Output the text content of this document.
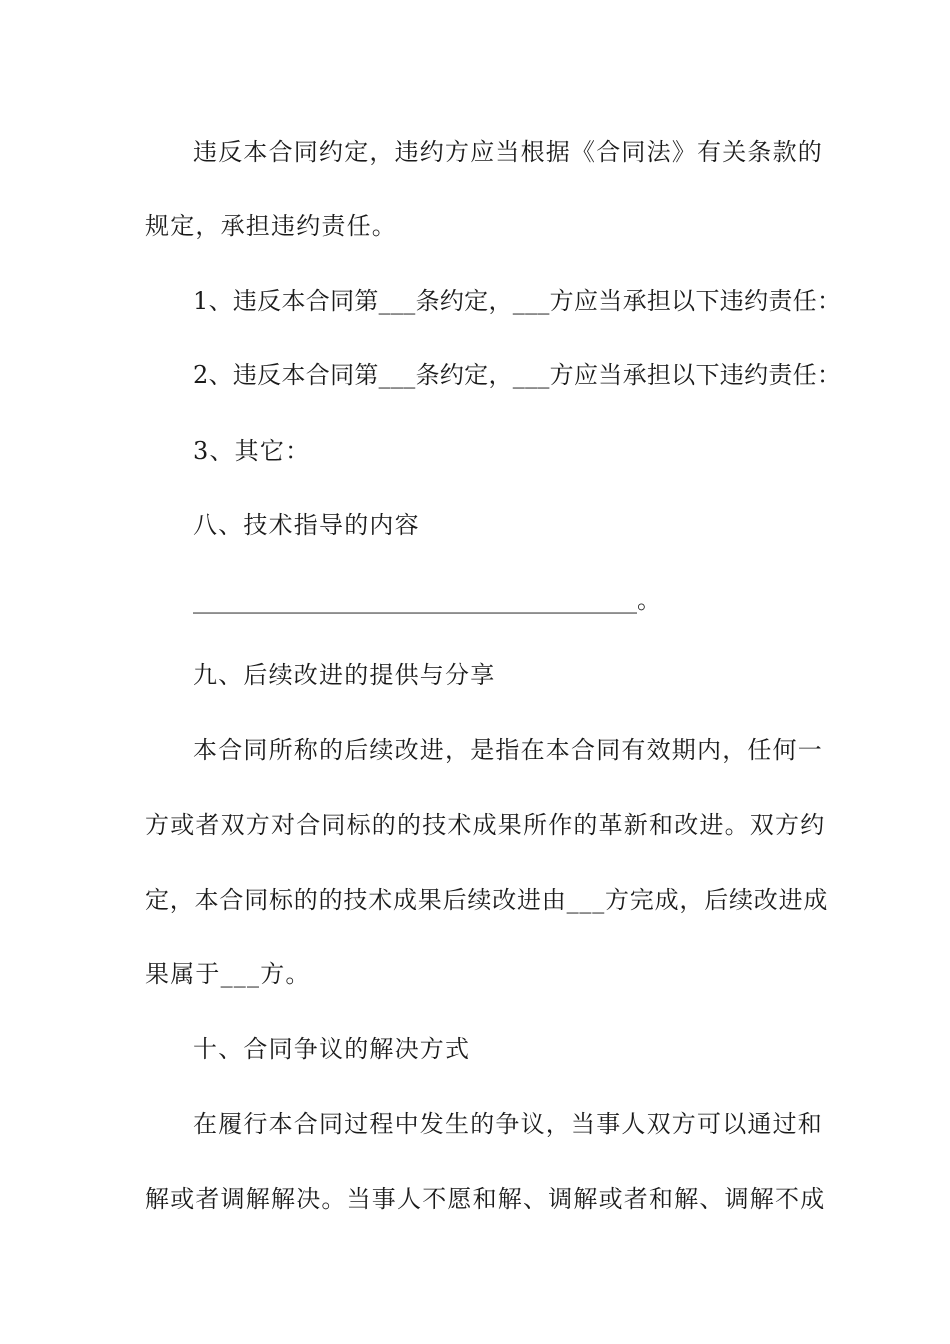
违反本合同约定，违约方应当根据《合同法》有关条款的
规定，承担违约责任。
1、违反本合同第___条约定，___方应当承担以下违约责任：
2、违反本合同第___条约定，___方应当承担以下违约责任：
3、其它：
八、技术指导的内容
_____________________________________。
九、后续改进的提供与分享
本合同所称的后续改进，是指在本合同有效期内，任何一
方或者双方对合同标的的技术成果所作的革新和改进。双方约
定，本合同标的的技术成果后续改进由___方完成，后续改进成
果属于___方。
十、合同争议的解决方式
在履行本合同过程中发生的争议，当事人双方可以通过和
解或者调解解决。当事人不愿和解、调解或者和解、调解不成
